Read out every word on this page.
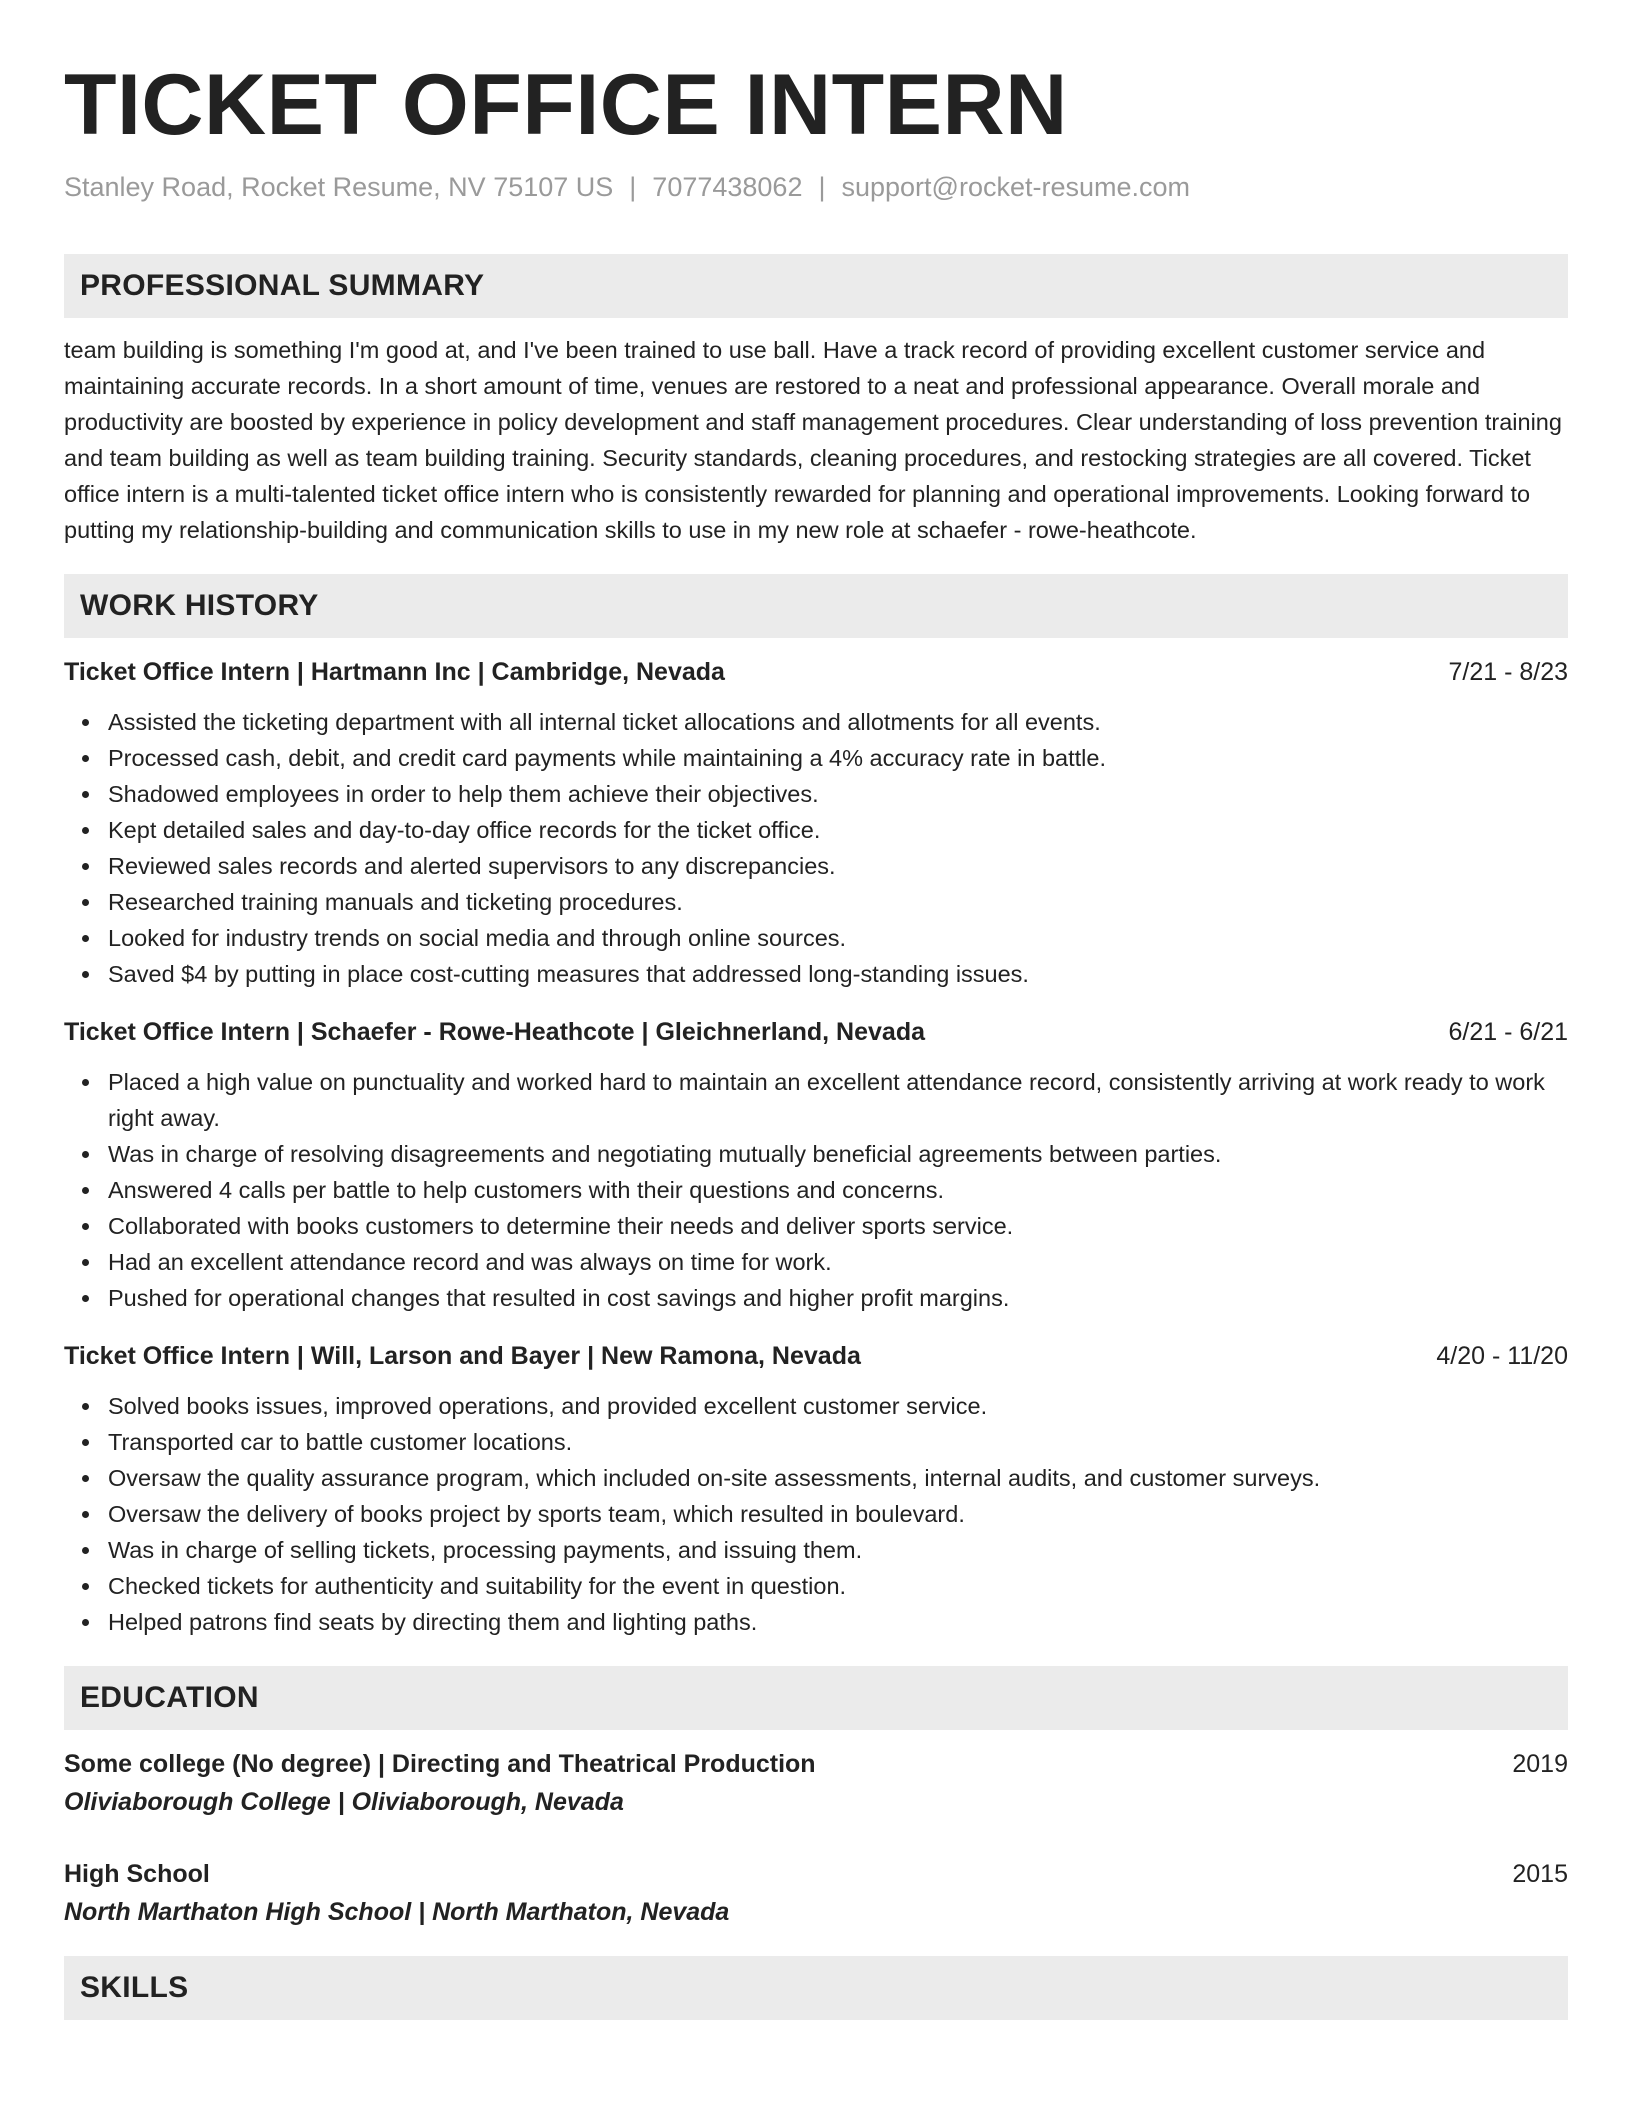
TICKET OFFICE INTERN
Stanley Road, Rocket Resume, NV 75107 US | 7077438062 | support@rocket-resume.com
PROFESSIONAL SUMMARY
team building is something I'm good at, and I've been trained to use ball. Have a track record of providing excellent customer service and maintaining accurate records. In a short amount of time, venues are restored to a neat and professional appearance. Overall morale and productivity are boosted by experience in policy development and staff management procedures. Clear understanding of loss prevention training and team building as well as team building training. Security standards, cleaning procedures, and restocking strategies are all covered. Ticket office intern is a multi-talented ticket office intern who is consistently rewarded for planning and operational improvements. Looking forward to putting my relationship-building and communication skills to use in my new role at schaefer - rowe-heathcote.
WORK HISTORY
Ticket Office Intern | Hartmann Inc | Cambridge, Nevada	7/21 - 8/23
Assisted the ticketing department with all internal ticket allocations and allotments for all events.
Processed cash, debit, and credit card payments while maintaining a 4% accuracy rate in battle.
Shadowed employees in order to help them achieve their objectives.
Kept detailed sales and day-to-day office records for the ticket office.
Reviewed sales records and alerted supervisors to any discrepancies.
Researched training manuals and ticketing procedures.
Looked for industry trends on social media and through online sources.
Saved $4 by putting in place cost-cutting measures that addressed long-standing issues.
Ticket Office Intern | Schaefer - Rowe-Heathcote | Gleichnerland, Nevada	6/21 - 6/21
Placed a high value on punctuality and worked hard to maintain an excellent attendance record, consistently arriving at work ready to work right away.
Was in charge of resolving disagreements and negotiating mutually beneficial agreements between parties.
Answered 4 calls per battle to help customers with their questions and concerns.
Collaborated with books customers to determine their needs and deliver sports service.
Had an excellent attendance record and was always on time for work.
Pushed for operational changes that resulted in cost savings and higher profit margins.
Ticket Office Intern | Will, Larson and Bayer | New Ramona, Nevada	4/20 - 11/20
Solved books issues, improved operations, and provided excellent customer service.
Transported car to battle customer locations.
Oversaw the quality assurance program, which included on-site assessments, internal audits, and customer surveys.
Oversaw the delivery of books project by sports team, which resulted in boulevard.
Was in charge of selling tickets, processing payments, and issuing them.
Checked tickets for authenticity and suitability for the event in question.
Helped patrons find seats by directing them and lighting paths.
EDUCATION
Some college (No degree) | Directing and Theatrical Production	2019
Oliviaborough College | Oliviaborough, Nevada
High School	2015
North Marthaton High School | North Marthaton, Nevada
SKILLS
